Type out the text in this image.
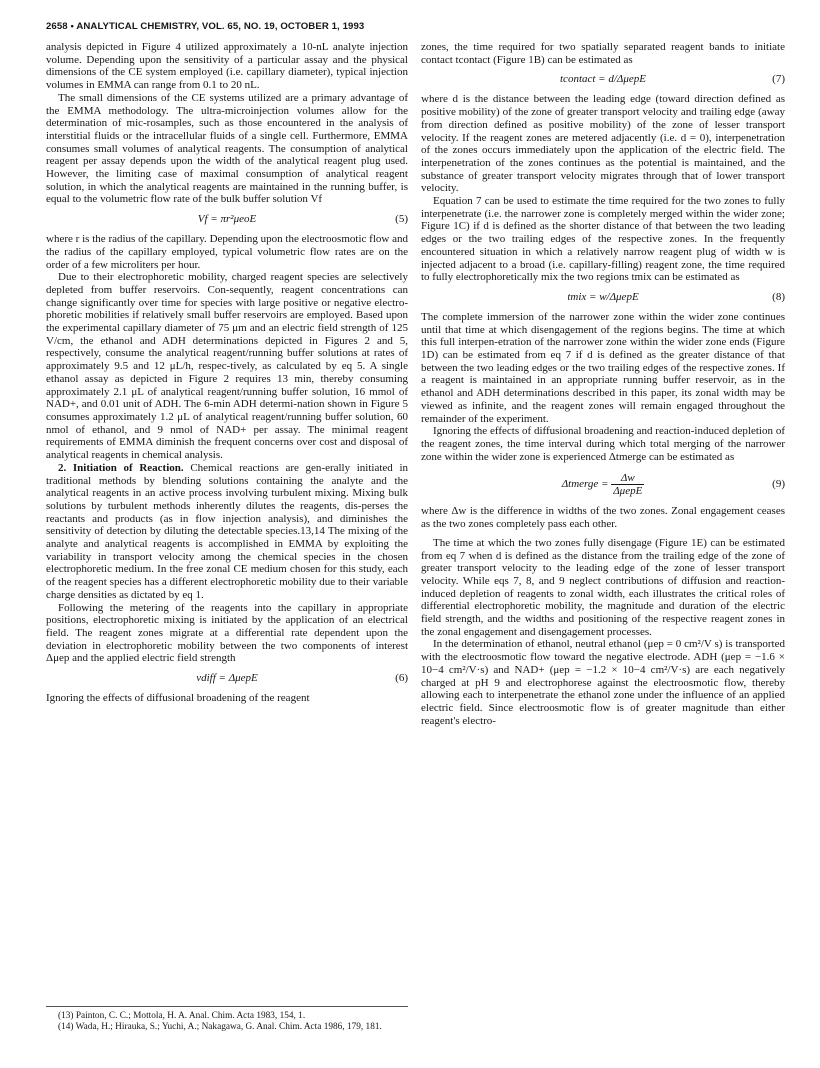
2658 • ANALYTICAL CHEMISTRY, VOL. 65, NO. 19, OCTOBER 1, 1993

analysis depicted in Figure 4 utilized approximately a 10-nL analyte injection volume. Depending upon the sensitivity of a particular assay and the physical dimensions of the CE system employed (i.e. capillary diameter), typical injection volumes in EMMA can range from 0.1 to 20 nL.

The small dimensions of the CE systems utilized are a primary advantage of the EMMA methodology. The ultra-microinjection volumes allow for the determination of mic-rosamples, such as those encountered in the analysis of interstitial fluids or the intracellular fluids of a single cell. Furthermore, EMMA consumes small volumes of analytical reagents. The consumption of analytical reagent per assay depends upon the width of the analytical reagent plug used. However, the limiting case of maximal consumption of analytical reagent solution, in which the analytical reagents are maintained in the running buffer, is equal to the volumetric flow rate of the bulk buffer solution Vf

Vf = πr²μeoE	(5)

where r is the radius of the capillary. Depending upon the electroosmotic flow and the radius of the capillary employed, typical volumetric flow rates are on the order of a few microliters per hour.

Due to their electrophoretic mobility, charged reagent species are selectively depleted from buffer reservoirs. Con-sequently, reagent concentrations can change significantly over time for species with large positive or negative electro-phoretic mobilities if relatively small buffer reservoirs are employed. Based upon the experimental capillary diameter of 75 μm and an electric field strength of 125 V/cm, the ethanol and ADH determinations depicted in Figures 2 and 5, respectively, consume the analytical reagent/running buffer solutions at rates of approximately 9.5 and 12 μL/h, respec-tively, as calculated by eq 5. A single ethanol assay as depicted in Figure 2 requires 13 min, thereby consuming approximately 2.1 μL of analytical reagent/running buffer solution, 16 mmol of NAD+, and 0.01 unit of ADH. The 6-min ADH determi-nation shown in Figure 5 consumes approximately 1.2 μL of analytical reagent/running buffer solution, 60 nmol of ethanol, and 9 nmol of NAD+ per assay. The minimal reagent requirements of EMMA diminish the frequent concerns over cost and disposal of analytical reagents in chemical analysis.

2. Initiation of Reaction. Chemical reactions are gen-erally initiated in traditional methods by blending solutions containing the analyte and the analytical reagents in an active process involving turbulent mixing. Mixing bulk solutions by turbulent methods inherently dilutes the reagents, dis-perses the reactants and products (as in flow injection analysis), and diminishes the sensitivity of detection by diluting the detectable species.13,14 The mixing of the analyte and analytical reagents is accomplished in EMMA by exploiting the variability in transport velocity among the chemical species in the chosen electrophoretic medium. In the free zonal CE medium chosen for this study, each of the reagent species has a different electrophoretic mobility due to their variable charge densities as dictated by eq 1.

Following the metering of the reagents into the capillary in appropriate positions, electrophoretic mixing is initiated by the application of an electrical field. The reagent zones migrate at a differential rate dependent upon the deviation in electrophoretic mobility between the two components of interest Δμep and the applied electric field strength

vdiff = ΔμepE	(6)

Ignoring the effects of diffusional broadening of the reagent

(13) Painton, C. C.; Mottola, H. A. Anal. Chim. Acta 1983, 154, 1.

(14) Wada, H.; Hirauka, S.; Yuchi, A.; Nakagawa, G. Anal. Chim. Acta 1986, 179, 181.

zones, the time required for two spatially separated reagent bands to initiate contact tcontact (Figure 1B) can be estimated as

tcontact = d/ΔμepE	(7)

where d is the distance between the leading edge (toward direction defined as positive mobility) of the zone of greater transport velocity and trailing edge (away from direction defined as positive mobility) of the zone of lesser transport velocity. If the reagent zones are metered adjacently (i.e. d = 0), interpenetration of the zones occurs immediately upon the application of the electric field. The interpenetration of the zones continues as the potential is maintained, and the substance of greater transport velocity migrates through that of lower transport velocity.

Equation 7 can be used to estimate the time required for the two zones to fully interpenetrate (i.e. the narrower zone is completely merged within the wider zone; Figure 1C) if d is defined as the shorter distance of that between the two leading edges or the two trailing edges of the respective zones. In the frequently encountered situation in which a relatively narrow reagent plug of width w is injected adjacent to a broad (i.e. capillary-filling) reagent zone, the time required to fully electrophoretically mix the two regions tmix can be estimated as

tmix = w/ΔμepE	(8)

The complete immersion of the narrower zone within the wider zone continues until that time at which disengagement of the regions begins. The time at which this full interpen-etration of the narrower zone within the wider zone ends (Figure 1D) can be estimated from eq 7 if d is defined as the greater distance of that between the two leading edges or the two trailing edges of the respective zones. If a reagent is maintained in an appropriate running buffer reservoir, as in the ethanol and ADH determinations described in this paper, its zonal width may be viewed as infinite, and the reagent zones will remain engaged throughout the remainder of the experiment.

Ignoring the effects of diffusional broadening and reaction-induced depletion of the reagent zones, the time interval during which total merging of the narrower zone within the wider zone is experienced Δtmerge can be estimated as

Δtmerge =
Δw
ΔμepE
(9)

where Δw is the difference in widths of the two zones. Zonal engagement ceases as the two zones completely pass each other.

The time at which the two zones fully disengage (Figure 1E) can be estimated from eq 7 when d is defined as the distance from the trailing edge of the zone of greater transport velocity to the leading edge of the zone of lesser transport velocity. While eqs 7, 8, and 9 neglect contributions of diffusion and reaction-induced depletion of reagents to zonal width, each illustrates the critical roles of differential electrophoretic mobility, the magnitude and duration of the electric field strength, and the widths and positioning of the respective reagent zones in the zonal engagement and disengagement processes.

In the determination of ethanol, neutral ethanol (μep = 0 cm²/V s) is transported with the electroosmotic flow toward the negative electrode. ADH (μep = −1.6 × 10−4 cm²/V·s) and NAD+ (μep = −1.2 × 10−4 cm²/V·s) are each negatively charged at pH 9 and electrophorese against the electroosmotic flow, thereby allowing each to interpenetrate the ethanol zone under the influence of an applied electric field. Since electroosmotic flow is of greater magnitude than either reagent's electro-
